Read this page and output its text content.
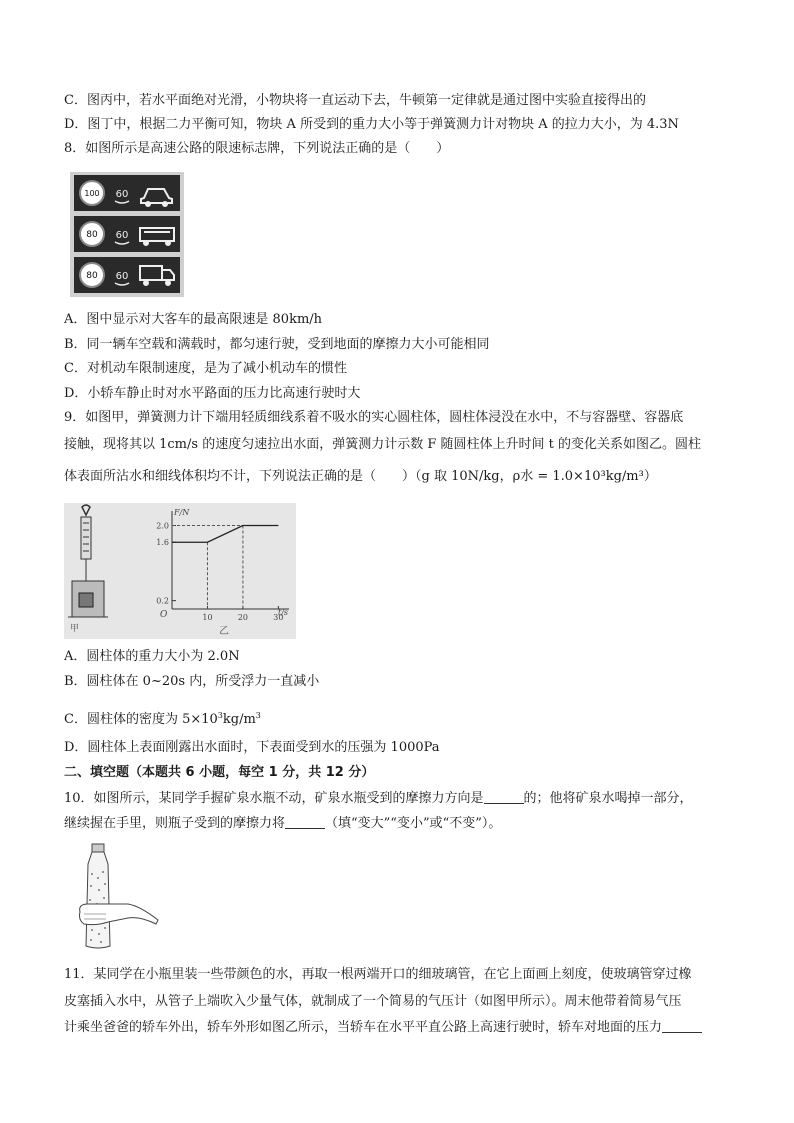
C．图丙中，若水平面绝对光滑，小物块将一直运动下去，牛顿第一定律就是通过图中实验直接得出的
D．图丁中，根据二力平衡可知，物块 A 所受到的重力大小等于弹簧测力计对物块 A 的拉力大小，为 4.3N
8．如图所示是高速公路的限速标志牌，下列说法正确的是（　　）
100 60
80 60
80 60
A．图中显示对大客车的最高限速是 80km/h
B．同一辆车空载和满载时，都匀速行驶，受到地面的摩擦力大小可能相同
C．对机动车限制速度，是为了减小机动车的惯性
D．小轿车静止时对水平路面的压力比高速行驶时大
9．如图甲，弹簧测力计下端用轻质细线系着不吸水的实心圆柱体，圆柱体浸没在水中，不与容器壁、容器底
接触，现将其以 1cm/s 的速度匀速拉出水面，弹簧测力计示数 F 随圆柱体上升时间 t 的变化关系如图乙。圆柱
体表面所沾水和细线体积均不计，下列说法正确的是（　　）（g 取 10N/kg，ρ水 = 1.0×10³kg/m³）
甲
F/N
t/s
O
0.2
1.6
2.0
10	20	30
乙
A．圆柱体的重力大小为 2.0N
B．圆柱体在 0~20s 内，所受浮力一直减小
C．圆柱体的密度为 $5\times 10^3kg/m^3$
D．圆柱体上表面刚露出水面时，下表面受到水的压强为 1000Pa
二、填空题（本题共 6 小题，每空 1 分，共 12 分）
10．如图所示，某同学手握矿泉水瓶不动，矿泉水瓶受到的摩擦力方向是	的；他将矿泉水喝掉一部分，
继续握在手里，则瓶子受到的摩擦力将	（填“变大”“变小”或“不变”）。
11．某同学在小瓶里装一些带颜色的水，再取一根两端开口的细玻璃管，在它上面画上刻度，使玻璃管穿过橡
皮塞插入水中，从管子上端吹入少量气体，就制成了一个简易的气压计（如图甲所示）。周末他带着简易气压
计乘坐爸爸的轿车外出，轿车外形如图乙所示，当轿车在水平平直公路上高速行驶时，轿车对地面的压力
